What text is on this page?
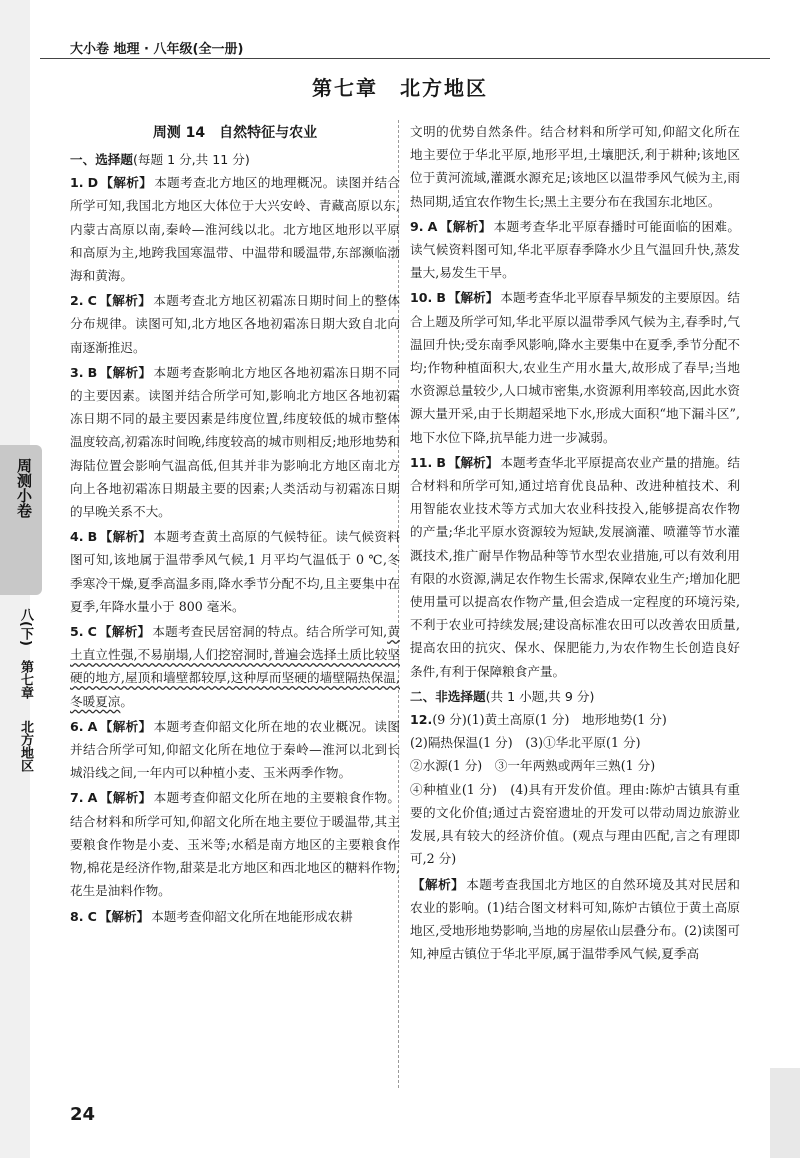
大小卷 地理 · 八年级(全一册)
第七章　北方地区
周测 14　自然特征与农业
一、选择题(每题 1 分,共 11 分)
1. D 【解析】 本题考查北方地区的地理概况。读图并结合所学可知,我国北方地区大体位于大兴安岭、青藏高原以东,内蒙古高原以南,秦岭—淮河线以北。北方地区地形以平原和高原为主,地跨我国寒温带、中温带和暖温带,东部濒临渤海和黄海。
2. C 【解析】 本题考查北方地区初霜冻日期时间上的整体分布规律。读图可知,北方地区各地初霜冻日期大致自北向南逐渐推迟。
3. B 【解析】 本题考查影响北方地区各地初霜冻日期不同的主要因素。读图并结合所学可知,影响北方地区各地初霜冻日期不同的最主要因素是纬度位置,纬度较低的城市整体温度较高,初霜冻时间晚,纬度较高的城市则相反;地形地势和海陆位置会影响气温高低,但其并非为影响北方地区南北方向上各地初霜冻日期最主要的因素;人类活动与初霜冻日期的早晚关系不大。
4. B 【解析】 本题考查黄土高原的气候特征。读气候资料图可知,该地属于温带季风气候,1 月平均气温低于 0 ℃,冬季寒冷干燥,夏季高温多雨,降水季节分配不均,且主要集中在夏季,年降水量小于 800 毫米。
5. C 【解析】 本题考查民居窑洞的特点。结合所学可知,黄土直立性强,不易崩塌,人们挖窑洞时,普遍会选择土质比较坚硬的地方,屋顶和墙壁都较厚,这种厚而坚硬的墙壁隔热保温,冬暖夏凉。
6. A 【解析】 本题考查仰韶文化所在地的农业概况。读图并结合所学可知,仰韶文化所在地位于秦岭—淮河以北到长城沿线之间,一年内可以种植小麦、玉米两季作物。
7. A 【解析】 本题考查仰韶文化所在地的主要粮食作物。结合材料和所学可知,仰韶文化所在地主要位于暖温带,其主要粮食作物是小麦、玉米等;水稻是南方地区的主要粮食作物,棉花是经济作物,甜菜是北方地区和西北地区的糖料作物,花生是油料作物。
8. C 【解析】 本题考查仰韶文化所在地能形成农耕
文明的优势自然条件。结合材料和所学可知,仰韶文化所在地主要位于华北平原,地形平坦,土壤肥沃,利于耕种;该地区位于黄河流域,灌溉水源充足;该地区以温带季风气候为主,雨热同期,适宜农作物生长;黑土主要分布在我国东北地区。
9. A 【解析】 本题考查华北平原春播时可能面临的困难。读气候资料图可知,华北平原春季降水少且气温回升快,蒸发量大,易发生干旱。
10. B 【解析】 本题考查华北平原春旱频发的主要原因。结合上题及所学可知,华北平原以温带季风气候为主,春季时,气温回升快;受东南季风影响,降水主要集中在夏季,季节分配不均;作物种植面积大,农业生产用水量大,故形成了春旱;当地水资源总量较少,人口城市密集,水资源利用率较高,因此水资源大量开采,由于长期超采地下水,形成大面积“地下漏斗区”,地下水位下降,抗旱能力进一步减弱。
11. B 【解析】 本题考查华北平原提高农业产量的措施。结合材料和所学可知,通过培育优良品种、改进种植技术、利用智能农业技术等方式加大农业科技投入,能够提高农作物的产量;华北平原水资源较为短缺,发展滴灌、喷灌等节水灌溉技术,推广耐旱作物品种等节水型农业措施,可以有效利用有限的水资源,满足农作物生长需求,保障农业生产;增加化肥使用量可以提高农作物产量,但会造成一定程度的环境污染,不利于农业可持续发展;建设高标准农田可以改善农田质量,提高农田的抗灾、保水、保肥能力,为农作物生长创造良好条件,有利于保障粮食产量。
二、非选择题(共 1 小题,共 9 分)
12.(9 分)(1)黄土高原(1 分)　地形地势(1 分)
(2)隔热保温(1 分)　(3)①华北平原(1 分)
②水源(1 分)　③一年两熟或两年三熟(1 分)
④种植业(1 分)　(4)具有开发价值。理由:陈炉古镇具有重要的文化价值;通过古瓷窑遗址的开发可以带动周边旅游业发展,具有较大的经济价值。(观点与理由匹配,言之有理即可,2 分)
【解析】 本题考查我国北方地区的自然环境及其对民居和农业的影响。(1)结合图文材料可知,陈炉古镇位于黄土高原地区,受地形地势影响,当地的房屋依山层叠分布。(2)读图可知,神垕古镇位于华北平原,属于温带季风气候,夏季高
周测小卷
八(下)
第七章
北方地区
24
